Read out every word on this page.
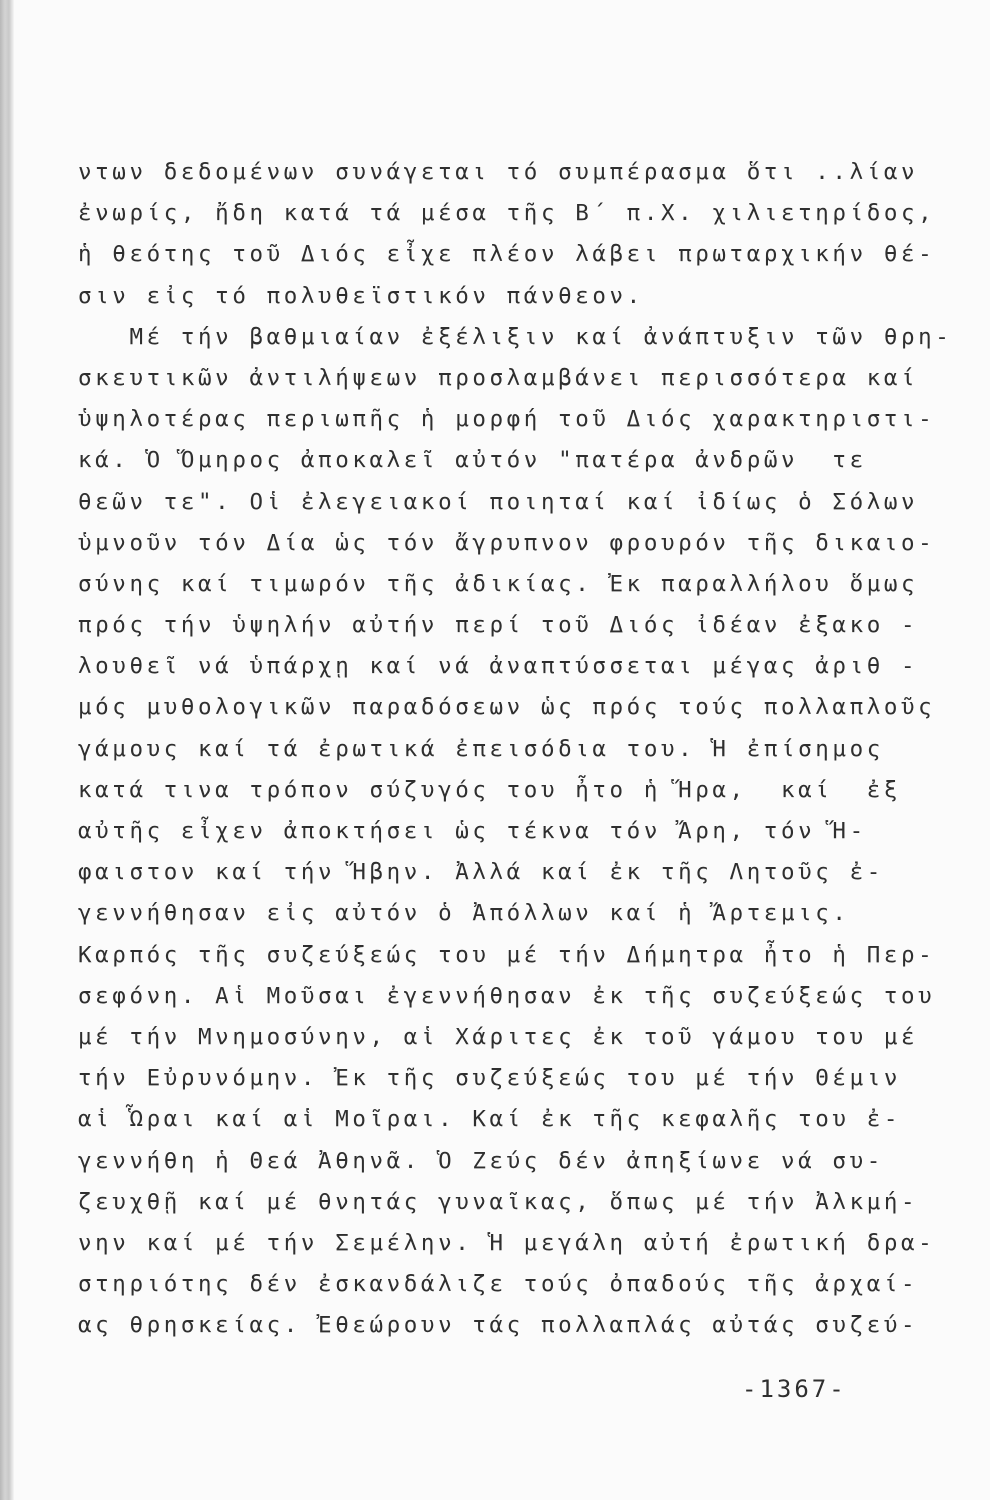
ντων δεδομένων συνάγεται τό συμπέρασμα ὅτι ..λίαν
ἐνωρίς, ἤδη κατά τά μέσα τῆς Β΄ π.Χ. χιλιετηρίδος,
ἡ θεότης τοῦ Διός εἶχε πλέον λάβει πρωταρχικήν θέ-
σιν εἰς τό πολυθεϊστικόν πάνθεον.
Μέ τήν βαθμιαίαν ἐξέλιξιν καί ἀνάπτυξιν τῶν θρη-
σκευτικῶν ἀντιλήψεων προσλαμβάνει περισσότερα καί
ὑψηλοτέρας περιωπῆς ἡ μορφή τοῦ Διός χαρακτηριστι-
κά. Ὁ Ὅμηρος ἀποκαλεῖ αὐτόν "πατέρα ἀνδρῶν  τε
θεῶν τε". Οἱ ἐλεγειακοί ποιηταί καί ἰδίως ὁ Σόλων
ὑμνοῦν τόν Δία ὡς τόν ἄγρυπνον φρουρόν τῆς δικαιο-
σύνης καί τιμωρόν τῆς ἀδικίας. Ἐκ παραλλήλου ὅμως
πρός τήν ὑψηλήν αὐτήν περί τοῦ Διός ἰδέαν ἐξακο -
λουθεῖ νά ὑπάρχῃ καί νά ἀναπτύσσεται μέγας ἀριθ -
μός μυθολογικῶν παραδόσεων ὡς πρός τούς πολλαπλοῦς
γάμους καί τά ἐρωτικά ἐπεισόδια του. Ἡ ἐπίσημος
κατά τινα τρόπον σύζυγός του ἦτο ἡ Ἥρα,  καί  ἐξ
αὐτῆς εἶχεν ἀποκτήσει ὡς τέκνα τόν Ἄρη, τόν Ἥ-
φαιστον καί τήν Ἥβην. Ἀλλά καί ἐκ τῆς Λητοῦς ἐ-
γεννήθησαν εἰς αὐτόν ὁ Ἀπόλλων καί ἡ Ἄρτεμις.
Καρπός τῆς συζεύξεώς του μέ τήν Δήμητρα ἦτο ἡ Περ-
σεφόνη. Αἱ Μοῦσαι ἐγεννήθησαν ἐκ τῆς συζεύξεώς του
μέ τήν Μνημοσύνην, αἱ Χάριτες ἐκ τοῦ γάμου του μέ
τήν Εὐρυνόμην. Ἐκ τῆς συζεύξεώς του μέ τήν Θέμιν
αἱ Ὧραι καί αἱ Μοῖραι. Καί ἐκ τῆς κεφαλῆς του ἐ-
γεννήθη ἡ Θεά Ἀθηνᾶ. Ὁ Ζεύς δέν ἀπηξίωνε νά συ-
ζευχθῇ καί μέ θνητάς γυναῖκας, ὅπως μέ τήν Ἀλκμή-
νην καί μέ τήν Σεμέλην. Ἡ μεγάλη αὐτή ἐρωτική δρα-
στηριότης δέν ἐσκανδάλιζε τούς ὀπαδούς τῆς ἀρχαί-
ας θρησκείας. Ἐθεώρουν τάς πολλαπλάς αὐτάς συζεύ-
-1367-
